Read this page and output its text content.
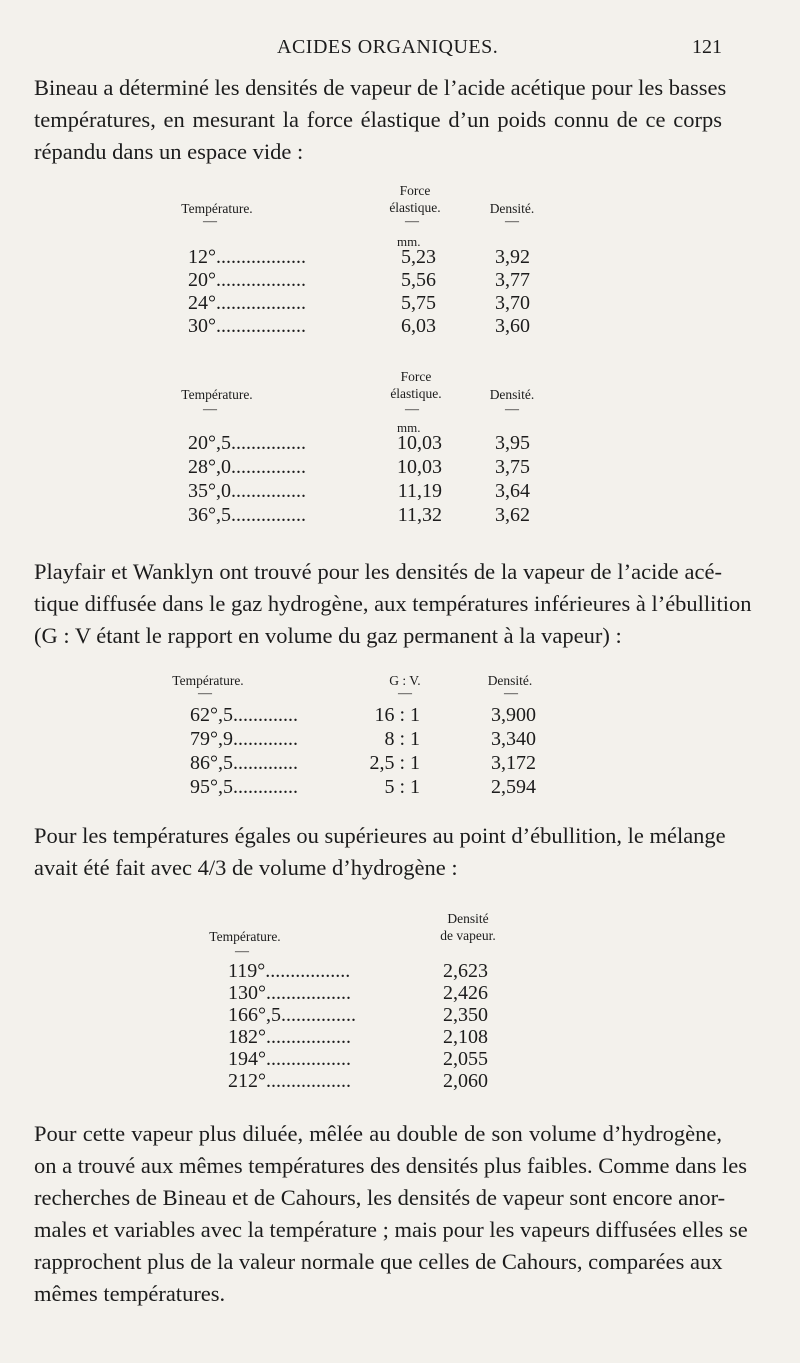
ACIDES ORGANIQUES.	121
Bineau a déterminé les densités de vapeur de l’acide acétique pour les basses
températures, en mesurant la force élastique d’un poids connu de ce corps
répandu dans un espace vide :
Température.
Force
élastique.	Densité.
—	—	—
mm.
12°..................	5,23	3,92
20°..................	5,56	3,77
24°..................	5,75	3,70
30°..................	6,03	3,60
Température.
Force
élastique.	Densité.
—	—	—
mm.
20°,5...............	10,03	3,95
28°,0...............	10,03	3,75
35°,0...............	11,19	3,64
36°,5...............	11,32	3,62
Playfair et Wanklyn ont trouvé pour les densités de la vapeur de l’acide acé-
tique diffusée dans le gaz hydrogène, aux températures inférieures à l’ébullition
(G : V étant le rapport en volume du gaz permanent à la vapeur) :
Température.	G : V.	Densité.
—	—	—
62°,5.............	16 : 1	3,900
79°,9.............	8 : 1	3,340
86°,5.............	2,5 : 1	3,172
95°,5.............	5 : 1	2,594
Pour les températures égales ou supérieures au point d’ébullition, le mélange
avait été fait avec 4/3 de volume d’hydrogène :
Température.
Densité
de vapeur.
—
119°.................	2,623
130°.................	2,426
166°,5...............	2,350
182°.................	2,108
194°.................	2,055
212°.................	2,060
Pour cette vapeur plus diluée, mêlée au double de son volume d’hydrogène,
on a trouvé aux mêmes températures des densités plus faibles. Comme dans les
recherches de Bineau et de Cahours, les densités de vapeur sont encore anor-
males et variables avec la température ; mais pour les vapeurs diffusées elles se
rapprochent plus de la valeur normale que celles de Cahours, comparées aux
mêmes températures.
